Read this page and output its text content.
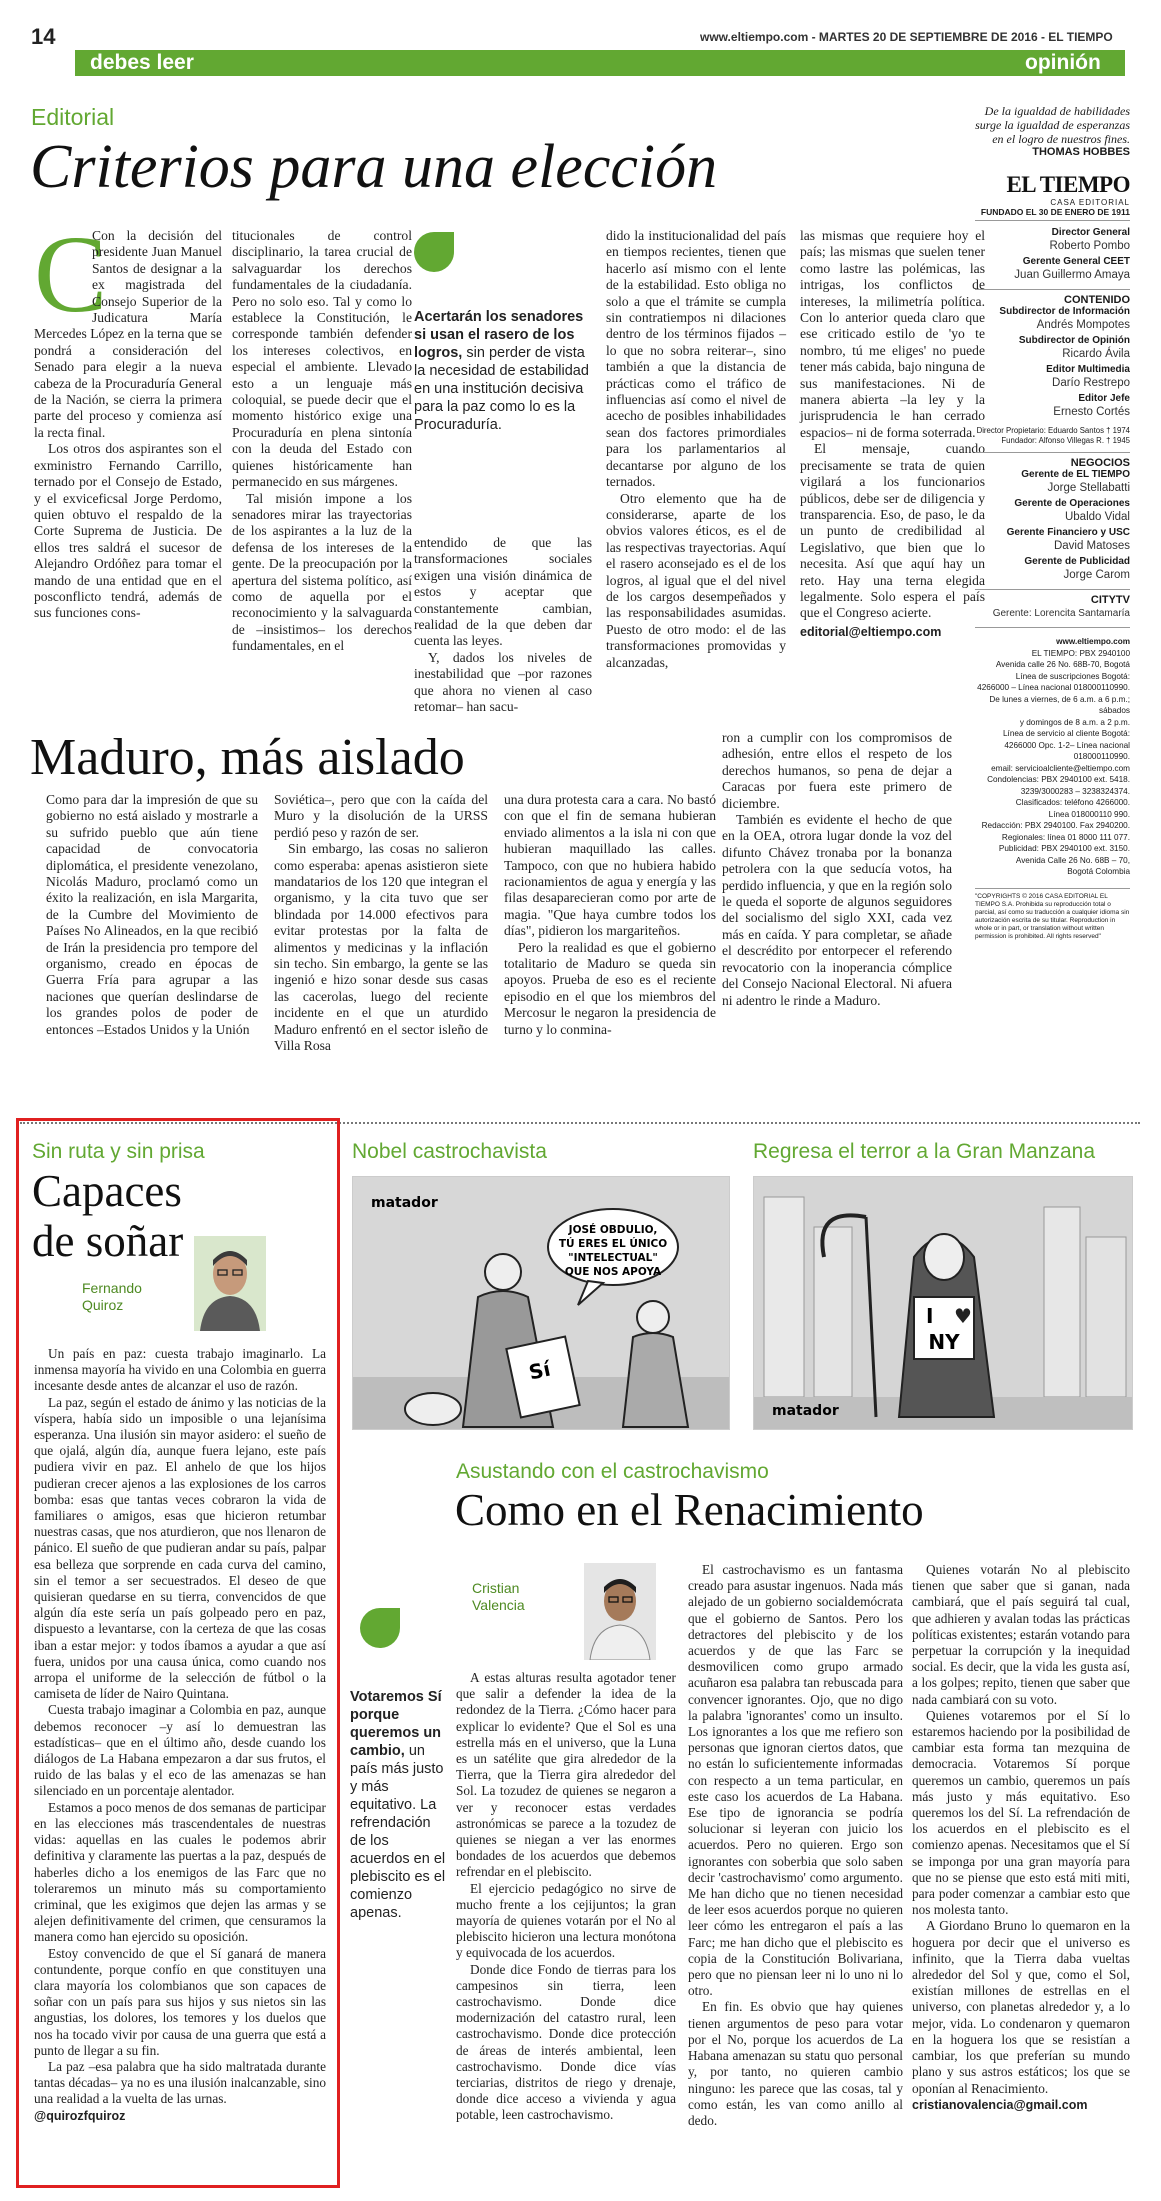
14	www.eltiempo.com - MARTES 20 DE SEPTIEMBRE DE 2016 - EL TIEMPO
debes leer	opinión
Editorial
Criterios para una elección
C

Con la decisión del presidente Juan Manuel Santos de designar a la ex magistrada del Consejo Superior de la Judicatura María Mercedes López en la terna que se pondrá a consideración del Senado para elegir a la nueva cabeza de la Procuraduría General de la Nación, se cierra la primera parte del proceso y comienza así la recta final.

Los otros dos aspirantes son el exministro Fernando Carrillo, ternado por el Consejo de Estado, y el exviceficsal Jorge Perdomo, quien obtuvo el respaldo de la Corte Suprema de Justicia. De ellos tres saldrá el sucesor de Alejandro Ordóñez para tomar el mando de una entidad que en el posconflicto tendrá, además de sus funciones cons-

titucionales de control disciplinario, la tarea crucial de salvaguardar los derechos fundamentales de la ciudadanía. Pero no solo eso. Tal y como lo establece la Constitución, le corresponde también defender los intereses colectivos, en especial el ambiente. Llevado esto a un lenguaje más coloquial, se puede decir que el momento histórico exige una Procuraduría en plena sintonía con la deuda del Estado con quienes históricamente han permanecido en sus márgenes.

Tal misión impone a los senadores mirar las trayectorias de los aspirantes a la luz de la defensa de los intereses de la gente. De la preocupación por la apertura del sistema político, así como de aquella por el reconocimiento y la salvaguarda de –insistimos– los derechos fundamentales, en el

Acertarán los senadores si usan el rasero de los logros, sin perder de vista la necesidad de estabilidad en una institución decisiva para la paz como lo es la Procuraduría.

entendido de que las transformaciones sociales exigen una visión dinámica de estos y aceptar que constantemente cambian, realidad de la que deben dar cuenta las leyes.

Y, dados los niveles de inestabilidad que –por razones que ahora no vienen al caso retomar– han sacu-

dido la institucionalidad del país en tiempos recientes, tienen que hacerlo así mismo con el lente de la estabilidad. Esto obliga no solo a que el trámite se cumpla sin contratiempos ni dilaciones dentro de los términos fijados –lo que no sobra reiterar–, sino también a que la distancia de prácticas como el tráfico de influencias así como el nivel de acecho de posibles inhabilidades sean dos factores primordiales para los parlamentarios al decantarse por alguno de los ternados.

Otro elemento que ha de considerarse, aparte de los obvios valores éticos, es el de las respectivas trayectorias. Aquí el rasero aconsejado es el de los logros, al igual que el del nivel de los cargos desempeñados y las responsabilidades asumidas. Puesto de otro modo: el de las transformaciones promovidas y alcanzadas,

las mismas que requiere hoy el país; las mismas que suelen tener como lastre las polémicas, las intrigas, los conflictos de intereses, la milimetría política. Con lo anterior queda claro que ese criticado estilo de 'yo te nombro, tú me eliges' no puede tener más cabida, bajo ninguna de sus manifestaciones. Ni de manera abierta –la ley y la jurisprudencia le han cerrado espacios– ni de forma soterrada.

El mensaje, cuando precisamente se trata de quien vigilará a los funcionarios públicos, debe ser de diligencia y transparencia. Eso, de paso, le da un punto de credibilidad al Legislativo, que bien que lo necesita. Así que aquí hay un reto. Hay una terna elegida legalmente. Solo espera el país que el Congreso acierte.

editorial@eltiempo.com

De la igualdad de habilidades surge la igualdad de esperanzas en el logro de nuestros fines.
THOMAS HOBBES
EL TIEMPO
CASA EDITORIAL
FUNDADO EL 30 DE ENERO DE 1911
Director General
Roberto Pombo
Gerente General CEET
Juan Guillermo Amaya
CONTENIDO
Subdirector de Información
Andrés Mompotes
Subdirector de Opinión
Ricardo Ávila
Editor Multimedia
Darío Restrepo
Editor Jefe
Ernesto Cortés
Director Propietario: Eduardo Santos † 1974
Fundador: Alfonso Villegas R. † 1945
NEGOCIOS
Gerente de EL TIEMPO
Jorge Stellabatti
Gerente de Operaciones
Ubaldo Vidal
Gerente Financiero y USC
David Matoses
Gerente de Publicidad
Jorge Carom
CITYTV
Gerente: Lorencita Santamaría
www.eltiempo.com
EL TIEMPO: PBX 2940100
Avenida calle 26 No. 68B-70, Bogotá
Línea de suscripciones Bogotá:
4266000 – Línea nacional 018000110990.
De lunes a viernes, de 6 a.m. a 6 p.m.; sábados
y domingos de 8 a.m. a 2 p.m.
Línea de servicio al cliente Bogotá:
4266000 Opc. 1-2– Línea nacional 018000110990.
email: servicioalcliente@eltiempo.com
Condolencias: PBX 2940100 ext. 5418.
3239/3000283 – 3238324374.
Clasificados: teléfono 4266000.
Línea 018000110 990.
Redacción: PBX 2940100. Fax 2940200.
Regionales: línea 01 8000 111 077.
Publicidad: PBX 2940100 ext. 3150.
Avenida Calle 26 No. 68B – 70,
Bogotá Colombia
"COPYRIGHTS © 2016 CASA EDITORIAL EL TIEMPO S.A. Prohibida su reproducción total o parcial, así como su traducción a cualquier idioma sin autorización escrita de su titular. Reproduction in whole or in part, or translation without written permission is prohibited. All rights reserved"
Maduro, más aislado

Como para dar la impresión de que su gobierno no está aislado y mostrarle a su sufrido pueblo que aún tiene capacidad de convocatoria diplomática, el presidente venezolano, Nicolás Maduro, proclamó como un éxito la realización, en isla Margarita, de la Cumbre del Movimiento de Países No Alineados, en la que recibió de Irán la presidencia pro tempore del organismo, creado en épocas de Guerra Fría para agrupar a las naciones que querían deslindarse de los grandes polos de poder de entonces –Estados Unidos y la Unión

Soviética–, pero que con la caída del Muro y la disolución de la URSS perdió peso y razón de ser.

Sin embargo, las cosas no salieron como esperaba: apenas asistieron siete mandatarios de los 120 que integran el organismo, y la cita tuvo que ser blindada por 14.000 efectivos para evitar protestas por la falta de alimentos y medicinas y la inflación sin techo. Sin embargo, la gente se las ingenió e hizo sonar desde sus casas las cacerolas, luego del reciente incidente en el que un aturdido Maduro enfrentó en el sector isleño de Villa Rosa

una dura protesta cara a cara. No bastó con que el fin de semana hubieran enviado alimentos a la isla ni con que hubieran maquillado las calles. Tampoco, con que no hubiera habido racionamientos de agua y energía y las filas desaparecieran como por arte de magia. "Que haya cumbre todos los días", pidieron los margariteños.

Pero la realidad es que el gobierno totalitario de Maduro se queda sin apoyos. Prueba de eso es el reciente episodio en el que los miembros del Mercosur le negaron la presidencia de turno y lo conmina-

ron a cumplir con los compromisos de adhesión, entre ellos el respeto de los derechos humanos, so pena de dejar a Caracas por fuera este primero de diciembre.

También es evidente el hecho de que en la OEA, otrora lugar donde la voz del difunto Chávez tronaba por la bonanza petrolera con la que seducía votos, ha perdido influencia, y que en la región solo le queda el soporte de algunos seguidores del socialismo del siglo XXI, cada vez más en caída. Y para completar, se añade el descrédito por entorpecer el referendo revocatorio con la inoperancia cómplice del Consejo Nacional Electoral. Ni afuera ni adentro le rinde a Maduro.

Sin ruta y sin prisa
Capaces
de soñar
Fernando
Quiroz

Un país en paz: cuesta trabajo imaginarlo. La inmensa mayoría ha vivido en una Colombia en guerra incesante desde antes de alcanzar el uso de razón.

La paz, según el estado de ánimo y las noticias de la víspera, había sido un imposible o una lejanísima esperanza. Una ilusión sin mayor asidero: el sueño de que ojalá, algún día, aunque fuera lejano, este país pudiera vivir en paz. El anhelo de que los hijos pudieran crecer ajenos a las explosiones de los carros bomba: esas que tantas veces cobraron la vida de familiares o amigos, esas que hicieron retumbar nuestras casas, que nos aturdieron, que nos llenaron de pánico. El sueño de que pudieran andar su país, palpar esa belleza que sorprende en cada curva del camino, sin el temor a ser secuestrados. El deseo de que quisieran quedarse en su tierra, convencidos de que algún día este sería un país golpeado pero en paz, dispuesto a levantarse, con la certeza de que las cosas iban a estar mejor: y todos íbamos a ayudar a que así fuera, unidos por una causa única, como cuando nos arropa el uniforme de la selección de fútbol o la camiseta de líder de Nairo Quintana.

Cuesta trabajo imaginar a Colombia en paz, aunque debemos reconocer –y así lo demuestran las estadísticas– que en el último año, desde cuando los diálogos de La Habana empezaron a dar sus frutos, el ruido de las balas y el eco de las amenazas se han silenciado en un porcentaje alentador.

Estamos a poco menos de dos semanas de participar en las elecciones más trascendentales de nuestras vidas: aquellas en las cuales le podemos abrir definitiva y claramente las puertas a la paz, después de haberles dicho a los enemigos de las Farc que no toleraremos un minuto más su comportamiento criminal, que les exigimos que dejen las armas y se alejen definitivamente del crimen, que censuramos la manera como han ejercido su oposición.

Estoy convencido de que el Sí ganará de manera contundente, porque confío en que constituyen una clara mayoría los colombianos que son capaces de soñar con un país para sus hijos y sus nietos sin las angustias, los dolores, los temores y los duelos que nos ha tocado vivir por causa de una guerra que está a punto de llegar a su fin.

La paz –esa palabra que ha sido maltratada durante tantas décadas– ya no es una ilusión inalcanzable, sino una realidad a la vuelta de las urnas.

@quirozfquiroz

Nobel castrochavista
JOSÉ OBDULIO,
TÚ ERES EL ÚNICO
"INTELECTUAL"
QUE NOS APOYA
Sí
matador
Regresa el terror a la Gran Manzana
I ♥
NY
matador
Asustando con el castrochavismo
Como en el Renacimiento
Cristian
Valencia
Votaremos Sí porque queremos un cambio, un país más justo y más equitativo. La refrendación de los acuerdos en el plebiscito es el comienzo apenas.

A estas alturas resulta agotador tener que salir a defender la idea de la redondez de la Tierra. ¿Cómo hacer para explicar lo evidente? Que el Sol es una estrella más en el universo, que la Luna es un satélite que gira alrededor de la Tierra, que la Tierra gira alrededor del Sol. La tozudez de quienes se negaron a ver y reconocer estas verdades astronómicas se parece a la tozudez de quienes se niegan a ver las enormes bondades de los acuerdos que debemos refrendar en el plebiscito.

El ejercicio pedagógico no sirve de mucho frente a los cejijuntos; la gran mayoría de quienes votarán por el No al plebiscito hicieron una lectura monótona y equivocada de los acuerdos.

Donde dice Fondo de tierras para los campesinos sin tierra, leen castrochavismo. Donde dice modernización del catastro rural, leen castrochavismo. Donde dice protección de áreas de interés ambiental, leen castrochavismo. Donde dice vías terciarias, distritos de riego y drenaje, donde dice acceso a vivienda y agua potable, leen castrochavismo.

El castrochavismo es un fantasma creado para asustar ingenuos. Nada más alejado de un gobierno socialdemócrata que el gobierno de Santos. Pero los detractores del plebiscito y de los acuerdos y de que las Farc se desmovilicen como grupo armado acuñaron esa palabra tan rebuscada para convencer ignorantes. Ojo, que no digo la palabra 'ignorantes' como un insulto. Los ignorantes a los que me refiero son personas que ignoran ciertos datos, que no están lo suficientemente informadas con respecto a un tema particular, en este caso los acuerdos de La Habana. Ese tipo de ignorancia se podría solucionar si leyeran con juicio los acuerdos. Pero no quieren. Ergo son ignorantes con soberbia que solo saben decir 'castrochavismo' como argumento. Me han dicho que no tienen necesidad de leer esos acuerdos porque no quieren leer cómo les entregaron el país a las Farc; me han dicho que el plebiscito es copia de la Constitución Bolivariana, pero que no piensan leer ni lo uno ni lo otro.

En fin. Es obvio que hay quienes tienen argumentos de peso para votar por el No, porque los acuerdos de La Habana amenazan su statu quo personal y, por tanto, no quieren cambio ninguno: les parece que las cosas, tal y como están, les van como anillo al dedo.

Quienes votarán No al plebiscito tienen que saber que si ganan, nada cambiará, que el país seguirá tal cual, que adhieren y avalan todas las prácticas políticas existentes; estarán votando para perpetuar la corrupción y la inequidad social. Es decir, que la vida les gusta así, a los golpes; repito, tienen que saber que nada cambiará con su voto.

Quienes votaremos por el Sí lo estaremos haciendo por la posibilidad de cambiar esta forma tan mezquina de democracia. Votaremos Sí porque queremos un cambio, queremos un país más justo y más equitativo. Eso queremos los del Sí. La refrendación de los acuerdos en el plebiscito es el comienzo apenas. Necesitamos que el Sí se imponga por una gran mayoría para que no se piense que esto está miti miti, para poder comenzar a cambiar esto que nos molesta tanto.

A Giordano Bruno lo quemaron en la hoguera por decir que el universo es infinito, que la Tierra daba vueltas alrededor del Sol y que, como el Sol, existían millones de estrellas en el universo, con planetas alrededor y, a lo mejor, vida. Lo condenaron y quemaron en la hoguera los que se resistían a cambiar, los que preferían su mundo plano y sus astros estáticos; los que se oponían al Renacimiento.

cristianovalencia@gmail.com
